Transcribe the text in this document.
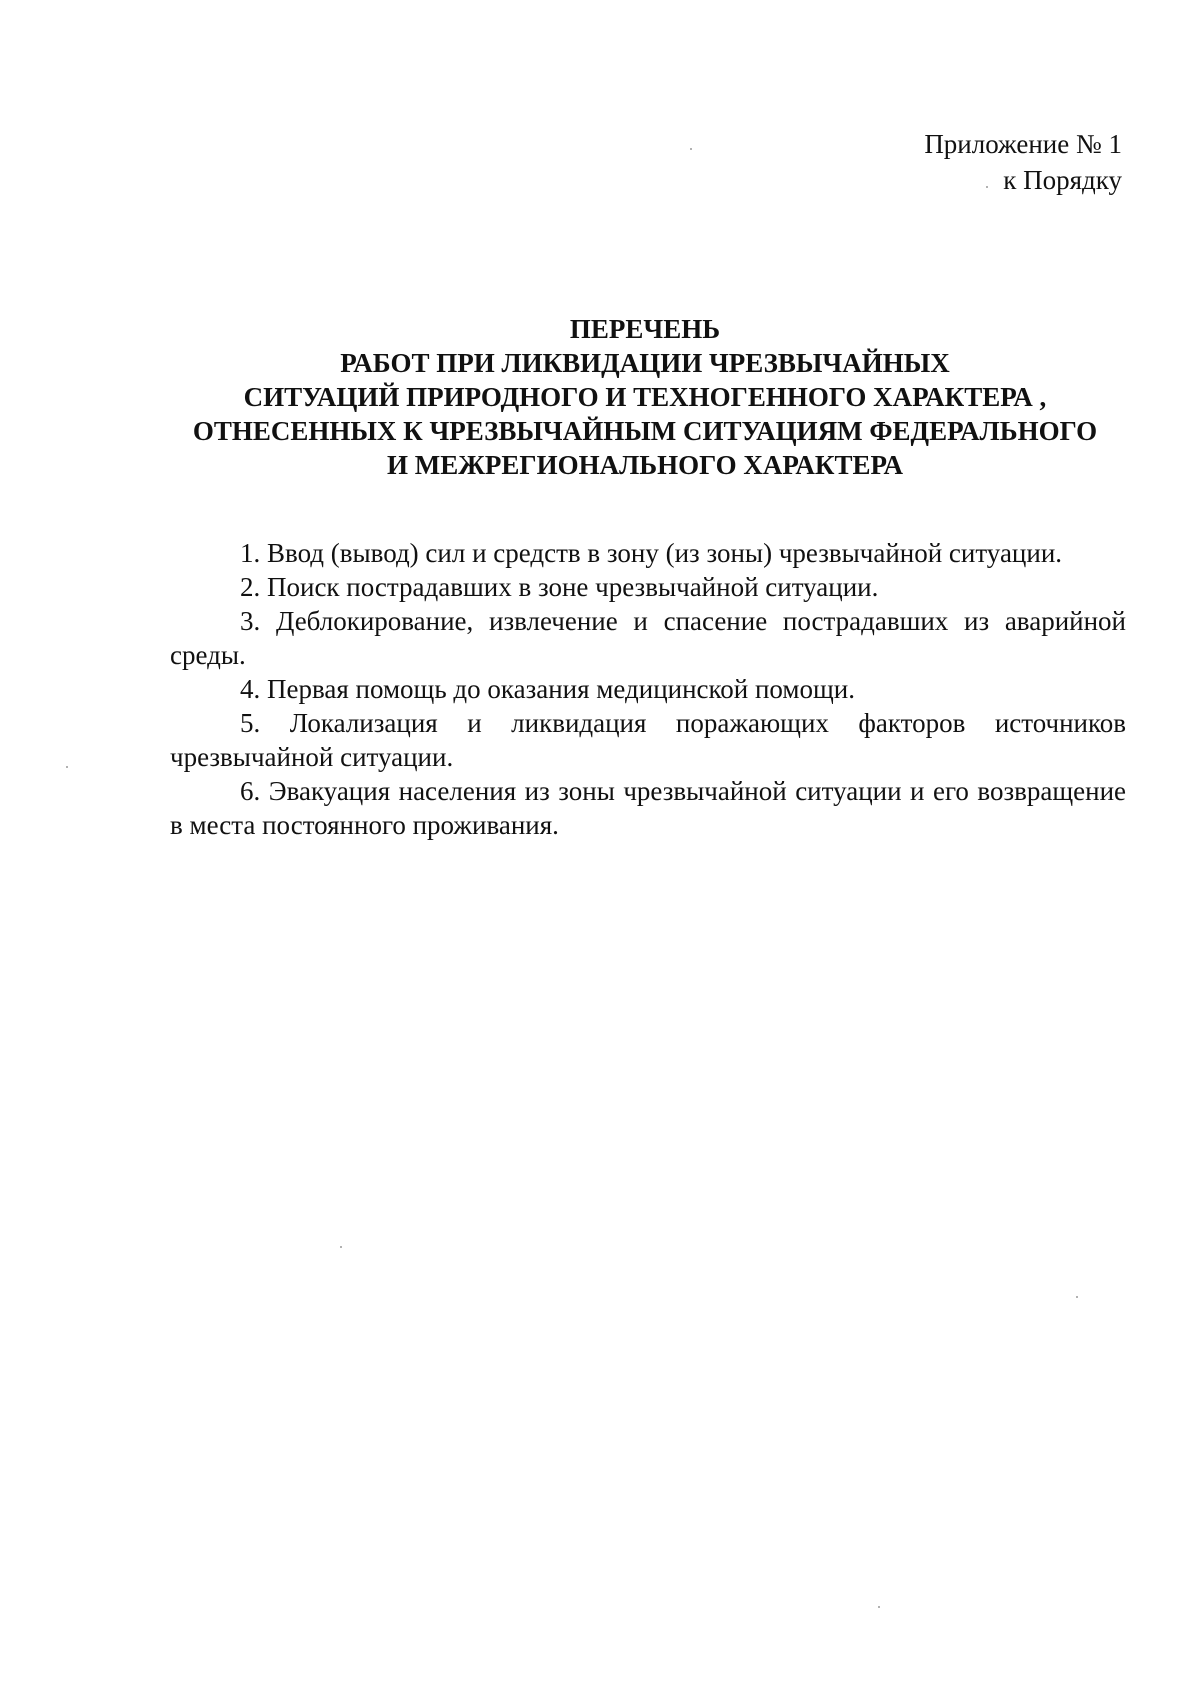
Приложение № 1
к Порядку
ПЕРЕЧЕНЬ
РАБОТ ПРИ ЛИКВИДАЦИИ ЧРЕЗВЫЧАЙНЫХ
СИТУАЦИЙ ПРИРОДНОГО И ТЕХНОГЕННОГО ХАРАКТЕРА ,
ОТНЕСЕННЫХ К ЧРЕЗВЫЧАЙНЫМ СИТУАЦИЯМ ФЕДЕРАЛЬНОГО
И МЕЖРЕГИОНАЛЬНОГО ХАРАКТЕРА

1. Ввод (вывод) сил и средств в зону (из зоны) чрезвычайной ситуации.

2. Поиск пострадавших в зоне чрезвычайной ситуации.

3. Деблокирование, извлечение и спасение пострадавших из аварийной среды.

4. Первая помощь до оказания медицинской помощи.

5. Локализация и ликвидация поражающих факторов источников чрезвычайной ситуации.

6. Эвакуация населения из зоны чрезвычайной ситуации и его возвращение в места постоянного проживания.
